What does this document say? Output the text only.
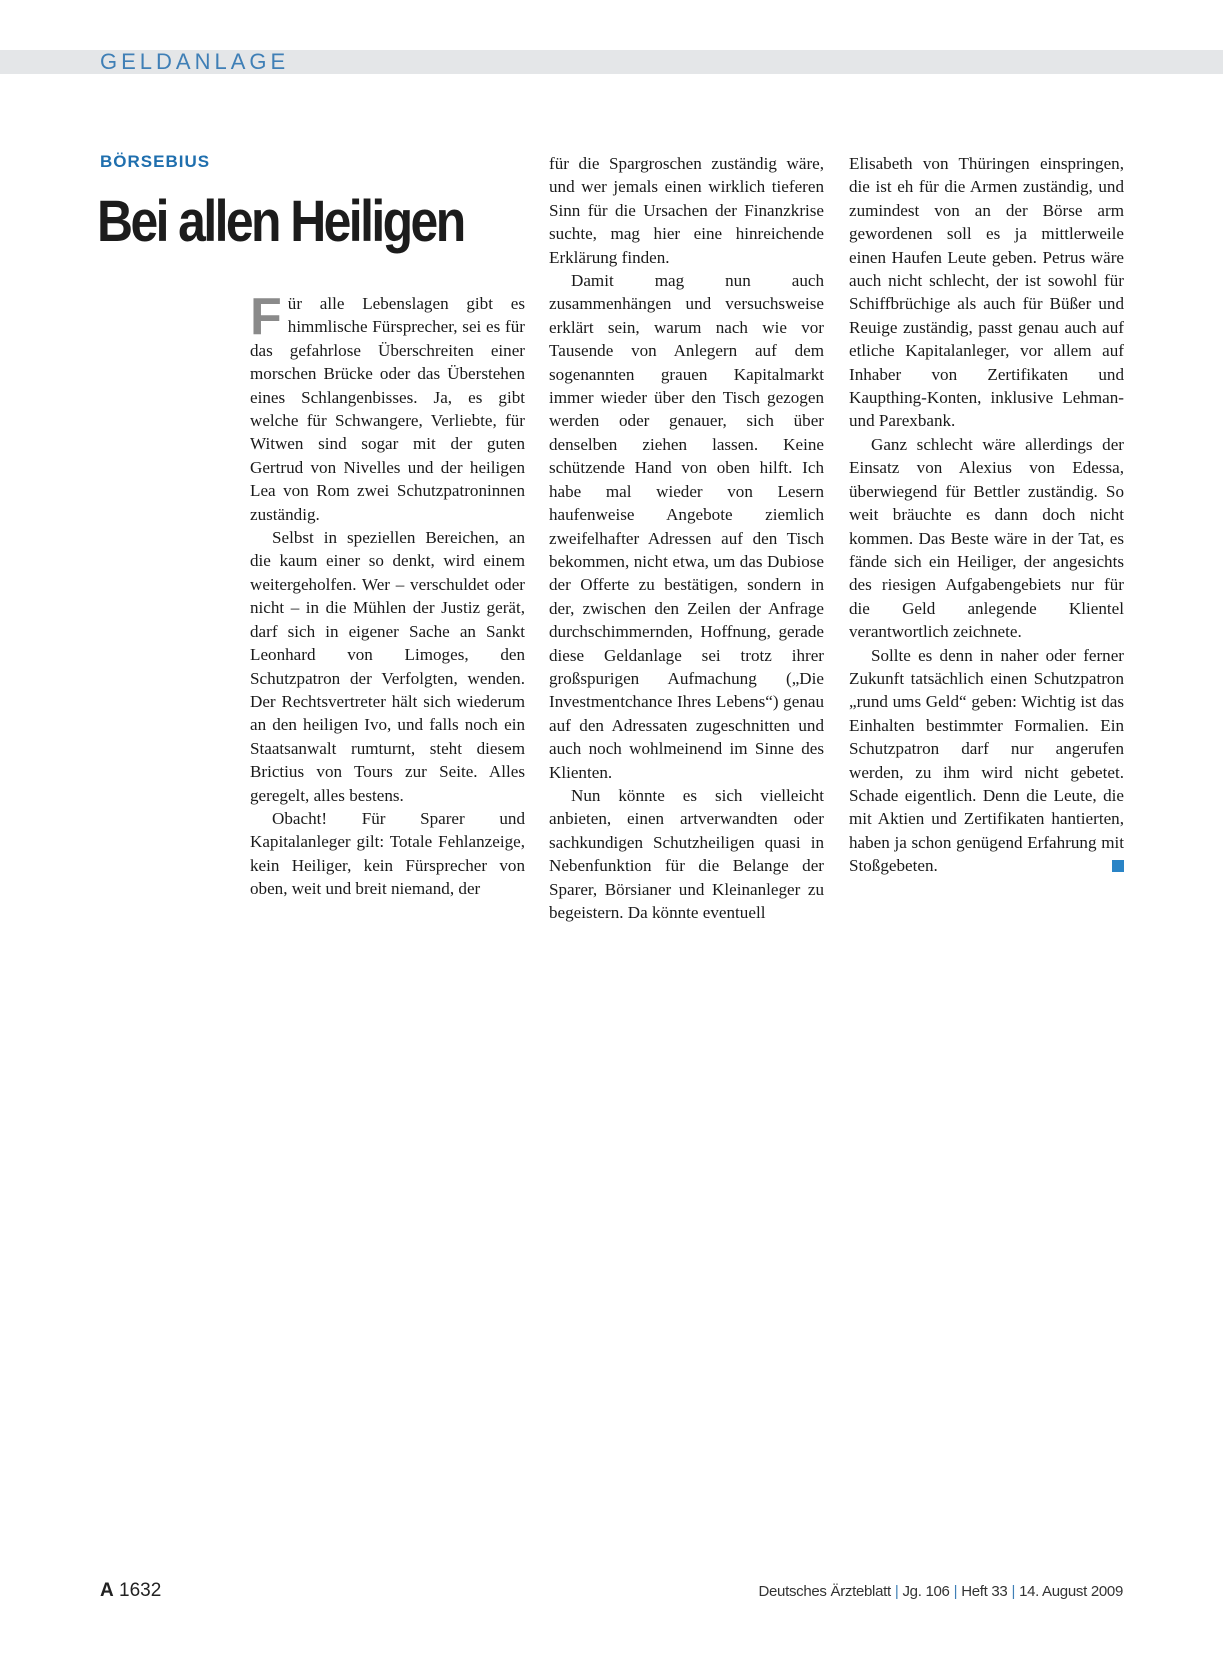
GELDANLAGE
BÖRSEBIUS
Bei allen Heiligen

Für alle Lebenslagen gibt es himmlische Fürsprecher, sei es für das gefahrlose Überschreiten einer morschen Brücke oder das Überstehen eines Schlangenbisses. Ja, es gibt welche für Schwangere, Verliebte, für Witwen sind sogar mit der guten Gertrud von Nivelles und der heiligen Lea von Rom zwei Schutzpatroninnen zuständig.

Selbst in speziellen Bereichen, an die kaum einer so denkt, wird einem weitergeholfen. Wer – verschuldet oder nicht – in die Mühlen der Justiz gerät, darf sich in eigener Sache an Sankt Leonhard von Limoges, den Schutzpatron der Verfolgten, wenden. Der Rechtsvertreter hält sich wiederum an den heiligen Ivo, und falls noch ein Staatsanwalt rumturnt, steht diesem Brictius von Tours zur Seite. Alles geregelt, alles bestens.

Obacht! Für Sparer und Kapitalanleger gilt: Totale Fehlanzeige, kein Heiliger, kein Fürsprecher von oben, weit und breit niemand, der

für die Spargroschen zuständig wäre, und wer jemals einen wirklich tieferen Sinn für die Ursachen der Finanzkrise suchte, mag hier eine hinreichende Erklärung finden.

Damit mag nun auch zusammenhängen und versuchsweise erklärt sein, warum nach wie vor Tausende von Anlegern auf dem sogenannten grauen Kapitalmarkt immer wieder über den Tisch gezogen werden oder genauer, sich über denselben ziehen lassen. Keine schützende Hand von oben hilft. Ich habe mal wieder von Lesern haufenweise Angebote ziemlich zweifelhafter Adressen auf den Tisch bekommen, nicht etwa, um das Dubiose der Offerte zu bestätigen, sondern in der, zwischen den Zeilen der Anfrage durchschimmernden, Hoffnung, gerade diese Geldanlage sei trotz ihrer großspurigen Aufmachung („Die Investmentchance Ihres Lebens“) genau auf den Adressaten zugeschnitten und auch noch wohlmeinend im Sinne des Klienten.

Nun könnte es sich vielleicht anbieten, einen artverwandten oder sachkundigen Schutzheiligen quasi in Nebenfunktion für die Belange der Sparer, Börsianer und Kleinanleger zu begeistern. Da könnte eventuell

Elisabeth von Thüringen einspringen, die ist eh für die Armen zuständig, und zumindest von an der Börse arm gewordenen soll es ja mittlerweile einen Haufen Leute geben. Petrus wäre auch nicht schlecht, der ist sowohl für Schiffbrüchige als auch für Büßer und Reuige zuständig, passt genau auch auf etliche Kapitalanleger, vor allem auf Inhaber von Zertifikaten und Kaupthing-Konten, inklusive Lehman- und Parexbank.

Ganz schlecht wäre allerdings der Einsatz von Alexius von Edessa, überwiegend für Bettler zuständig. So weit bräuchte es dann doch nicht kommen. Das Beste wäre in der Tat, es fände sich ein Heiliger, der angesichts des riesigen Aufgabengebiets nur für die Geld anlegende Klientel verantwortlich zeichnete.

Sollte es denn in naher oder ferner Zukunft tatsächlich einen Schutzpatron „rund ums Geld“ geben: Wichtig ist das Einhalten bestimmter Formalien. Ein Schutzpatron darf nur angerufen werden, zu ihm wird nicht gebetet. Schade eigentlich. Denn die Leute, die mit Aktien und Zertifikaten hantierten, haben ja schon genügend Erfahrung mit Stoßgebeten.

A 1632	Deutsches Ärzteblatt | Jg. 106 | Heft 33 | 14. August 2009
